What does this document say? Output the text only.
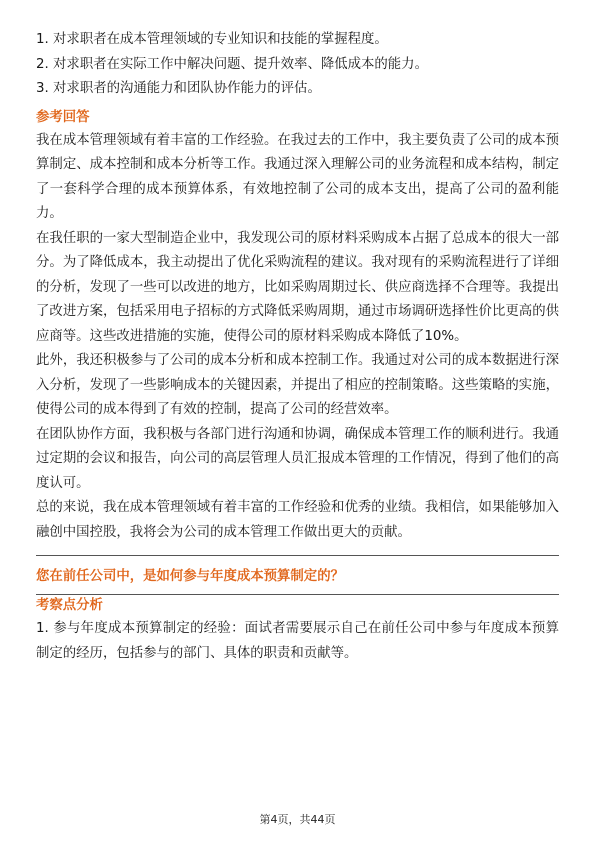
1. 对求职者在成本管理领域的专业知识和技能的掌握程度。

2. 对求职者在实际工作中解决问题、提升效率、降低成本的能力。

3. 对求职者的沟通能力和团队协作能力的评估。

参考回答

我在成本管理领域有着丰富的工作经验。在我过去的工作中，我主要负责了公司的成本预算制定、成本控制和成本分析等工作。我通过深入理解公司的业务流程和成本结构，制定了一套科学合理的成本预算体系，有效地控制了公司的成本支出，提高了公司的盈利能力。

在我任职的一家大型制造企业中，我发现公司的原材料采购成本占据了总成本的很大一部分。为了降低成本，我主动提出了优化采购流程的建议。我对现有的采购流程进行了详细的分析，发现了一些可以改进的地方，比如采购周期过长、供应商选择不合理等。我提出了改进方案，包括采用电子招标的方式降低采购周期，通过市场调研选择性价比更高的供应商等。这些改进措施的实施，使得公司的原材料采购成本降低了10%。

此外，我还积极参与了公司的成本分析和成本控制工作。我通过对公司的成本数据进行深入分析，发现了一些影响成本的关键因素，并提出了相应的控制策略。这些策略的实施，使得公司的成本得到了有效的控制，提高了公司的经营效率。

在团队协作方面，我积极与各部门进行沟通和协调，确保成本管理工作的顺利进行。我通过定期的会议和报告，向公司的高层管理人员汇报成本管理的工作情况，得到了他们的高度认可。

总的来说，我在成本管理领域有着丰富的工作经验和优秀的业绩。我相信，如果能够加入融创中国控股，我将会为公司的成本管理工作做出更大的贡献。

您在前任公司中，是如何参与年度成本预算制定的？
考察点分析

1. 参与年度成本预算制定的经验：面试者需要展示自己在前任公司中参与年度成本预算制定的经历，包括参与的部门、具体的职责和贡献等。

第4页，共44页
